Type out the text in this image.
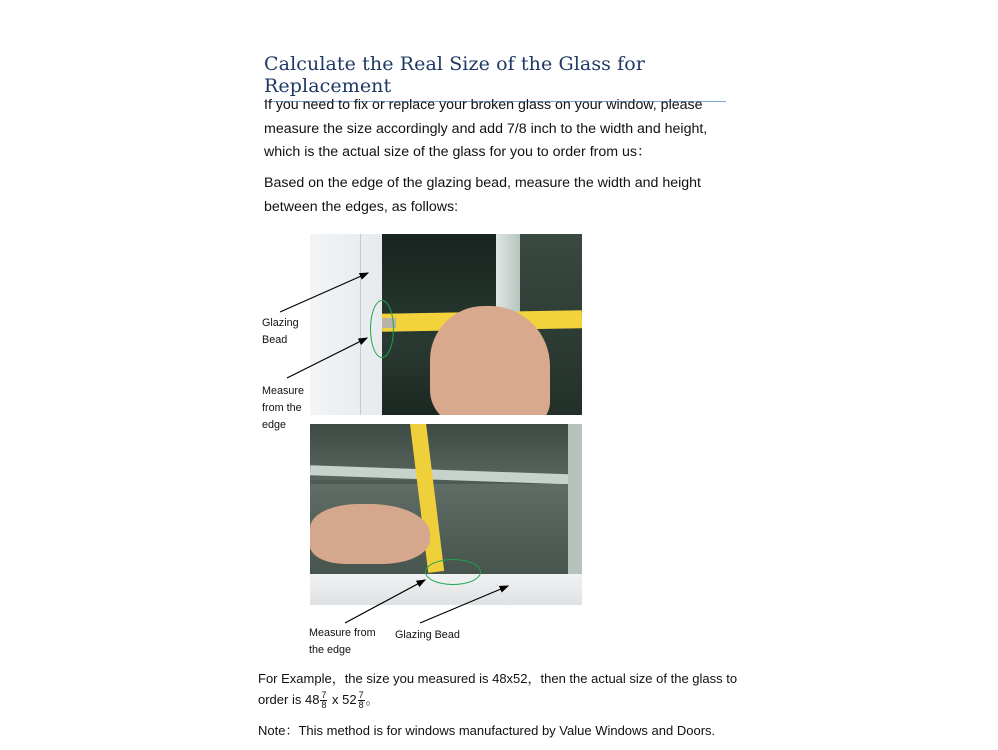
Calculate the Real Size of the Glass for Replacement
If you need to fix or replace your broken glass on your window, please
measure the size accordingly and add 7/8 inch to the width and height,
which is the actual size of the glass for you to order from us：
Based on the edge of the glazing bead, measure the width and height
between the edges, as follows:
Glazing
Bead
Measure
from the
edge
Measure from
the edge
Glazing Bead
For Example，the size you measured is 48x52，then the actual size of the glass to
order is $48 \frac{7}{8}$ x $52 \frac{7}{8}$ 。
Note：This method is for windows manufactured by Value Windows and Doors.
